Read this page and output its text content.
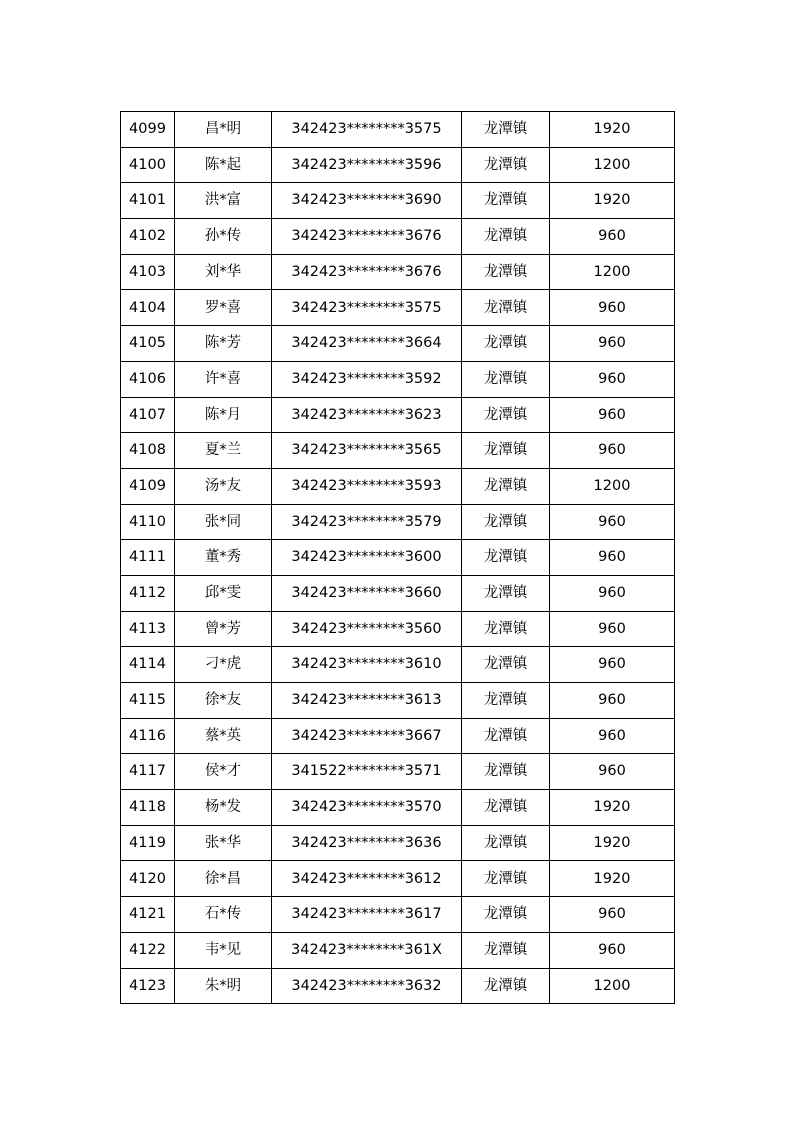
4099	昌*明	342423********3575	龙潭镇	1920
4100	陈*起	342423********3596	龙潭镇	1200
4101	洪*富	342423********3690	龙潭镇	1920
4102	孙*传	342423********3676	龙潭镇	960
4103	刘*华	342423********3676	龙潭镇	1200
4104	罗*喜	342423********3575	龙潭镇	960
4105	陈*芳	342423********3664	龙潭镇	960
4106	许*喜	342423********3592	龙潭镇	960
4107	陈*月	342423********3623	龙潭镇	960
4108	夏*兰	342423********3565	龙潭镇	960
4109	汤*友	342423********3593	龙潭镇	1200
4110	张*同	342423********3579	龙潭镇	960
4111	董*秀	342423********3600	龙潭镇	960
4112	邱*雯	342423********3660	龙潭镇	960
4113	曾*芳	342423********3560	龙潭镇	960
4114	刁*虎	342423********3610	龙潭镇	960
4115	徐*友	342423********3613	龙潭镇	960
4116	蔡*英	342423********3667	龙潭镇	960
4117	侯*才	341522********3571	龙潭镇	960
4118	杨*发	342423********3570	龙潭镇	1920
4119	张*华	342423********3636	龙潭镇	1920
4120	徐*昌	342423********3612	龙潭镇	1920
4121	石*传	342423********3617	龙潭镇	960
4122	韦*见	342423********361X	龙潭镇	960
4123	朱*明	342423********3632	龙潭镇	1200
